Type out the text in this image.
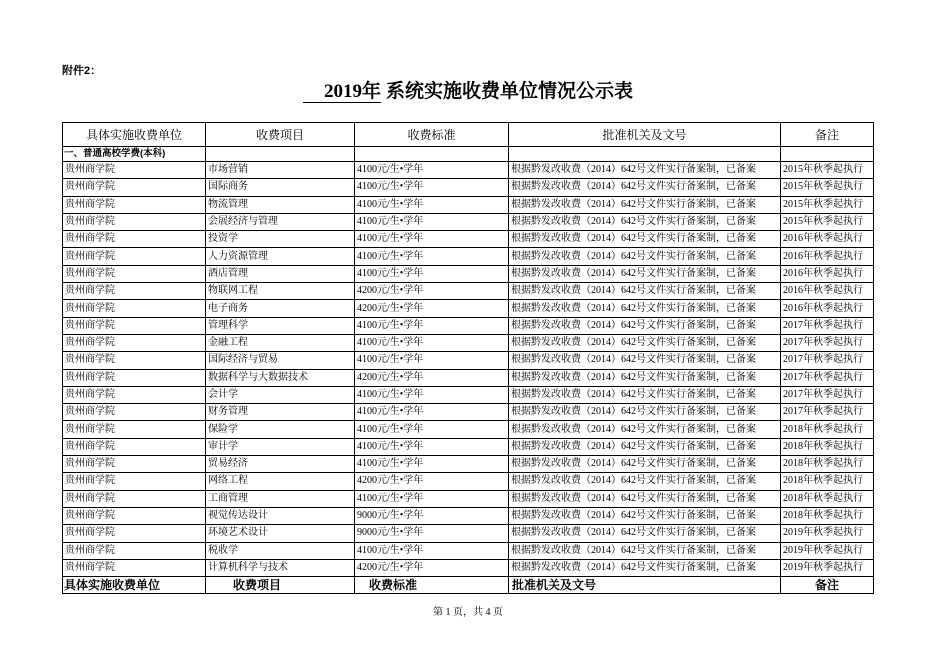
附件2：
2019年 系统实施收费单位情况公示表
具体实施收费单位	收费项目	收费标准	批准机关及文号	备注
一、普通高校学费(本科)				
贵州商学院	市场营销	4100元/生•学年	根据黔发改收费（2014）642号文件实行备案制，已备案	2015年秋季起执行
贵州商学院	国际商务	4100元/生•学年	根据黔发改收费（2014）642号文件实行备案制，已备案	2015年秋季起执行
贵州商学院	物流管理	4100元/生•学年	根据黔发改收费（2014）642号文件实行备案制，已备案	2015年秋季起执行
贵州商学院	会展经济与管理	4100元/生•学年	根据黔发改收费（2014）642号文件实行备案制，已备案	2015年秋季起执行
贵州商学院	投资学	4100元/生•学年	根据黔发改收费（2014）642号文件实行备案制，已备案	2016年秋季起执行
贵州商学院	人力资源管理	4100元/生•学年	根据黔发改收费（2014）642号文件实行备案制，已备案	2016年秋季起执行
贵州商学院	酒店管理	4100元/生•学年	根据黔发改收费（2014）642号文件实行备案制，已备案	2016年秋季起执行
贵州商学院	物联网工程	4200元/生•学年	根据黔发改收费（2014）642号文件实行备案制，已备案	2016年秋季起执行
贵州商学院	电子商务	4200元/生•学年	根据黔发改收费（2014）642号文件实行备案制，已备案	2016年秋季起执行
贵州商学院	管理科学	4100元/生•学年	根据黔发改收费（2014）642号文件实行备案制，已备案	2017年秋季起执行
贵州商学院	金融工程	4100元/生•学年	根据黔发改收费（2014）642号文件实行备案制，已备案	2017年秋季起执行
贵州商学院	国际经济与贸易	4100元/生•学年	根据黔发改收费（2014）642号文件实行备案制，已备案	2017年秋季起执行
贵州商学院	数据科学与大数据技术	4200元/生•学年	根据黔发改收费（2014）642号文件实行备案制，已备案	2017年秋季起执行
贵州商学院	会计学	4100元/生•学年	根据黔发改收费（2014）642号文件实行备案制，已备案	2017年秋季起执行
贵州商学院	财务管理	4100元/生•学年	根据黔发改收费（2014）642号文件实行备案制，已备案	2017年秋季起执行
贵州商学院	保险学	4100元/生•学年	根据黔发改收费（2014）642号文件实行备案制，已备案	2018年秋季起执行
贵州商学院	审计学	4100元/生•学年	根据黔发改收费（2014）642号文件实行备案制，已备案	2018年秋季起执行
贵州商学院	贸易经济	4100元/生•学年	根据黔发改收费（2014）642号文件实行备案制，已备案	2018年秋季起执行
贵州商学院	网络工程	4200元/生•学年	根据黔发改收费（2014）642号文件实行备案制，已备案	2018年秋季起执行
贵州商学院	工商管理	4100元/生•学年	根据黔发改收费（2014）642号文件实行备案制，已备案	2018年秋季起执行
贵州商学院	视觉传达设计	9000元/生•学年	根据黔发改收费（2014）642号文件实行备案制，已备案	2018年秋季起执行
贵州商学院	环境艺术设计	9000元/生•学年	根据黔发改收费（2014）642号文件实行备案制，已备案	2019年秋季起执行
贵州商学院	税收学	4100元/生•学年	根据黔发改收费（2014）642号文件实行备案制，已备案	2019年秋季起执行
贵州商学院	计算机科学与技术	4200元/生•学年	根据黔发改收费（2014）642号文件实行备案制，已备案	2019年秋季起执行
具体实施收费单位	收费项目	收费标准	批准机关及文号	备注
第 1 页，共 4 页
